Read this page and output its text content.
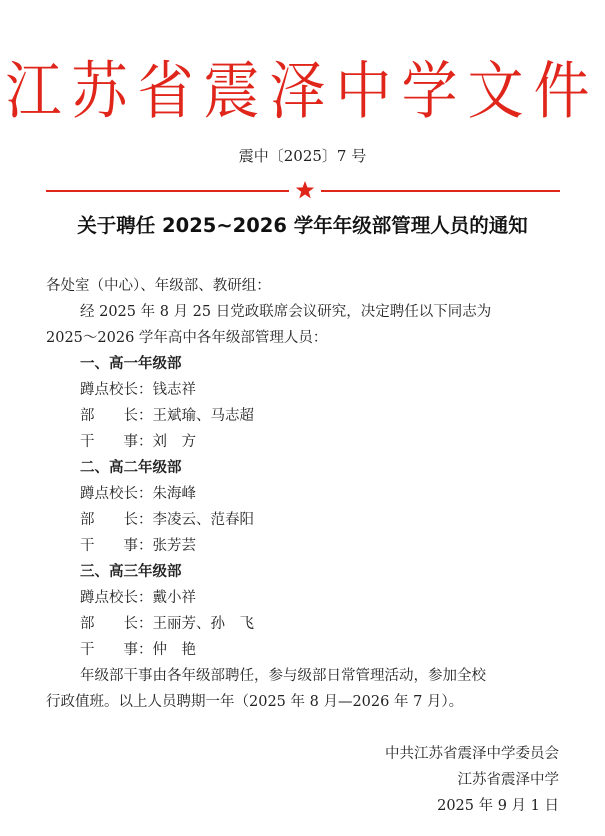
江苏省震泽中学文件
震中〔2025〕7 号
关于聘任 2025~2026 学年年级部管理人员的通知
各处室（中心）、年级部、教研组：
经 2025 年 8 月 25 日党政联席会议研究，决定聘任以下同志为
2025～2026 学年高中各年级部管理人员：
一、高一年级部
蹲点校长：钱志祥
部　　长：王斌瑜、马志超
干　　事：刘　方
二、高二年级部
蹲点校长：朱海峰
部　　长：李凌云、范春阳
干　　事：张芳芸
三、高三年级部
蹲点校长：戴小祥
部　　长：王丽芳、孙　飞
干　　事：仲　艳
年级部干事由各年级部聘任，参与级部日常管理活动，参加全校
行政值班。以上人员聘期一年（2025 年 8 月—2026 年 7 月）。
中共江苏省震泽中学委员会
江苏省震泽中学
2025 年 9 月 1 日
